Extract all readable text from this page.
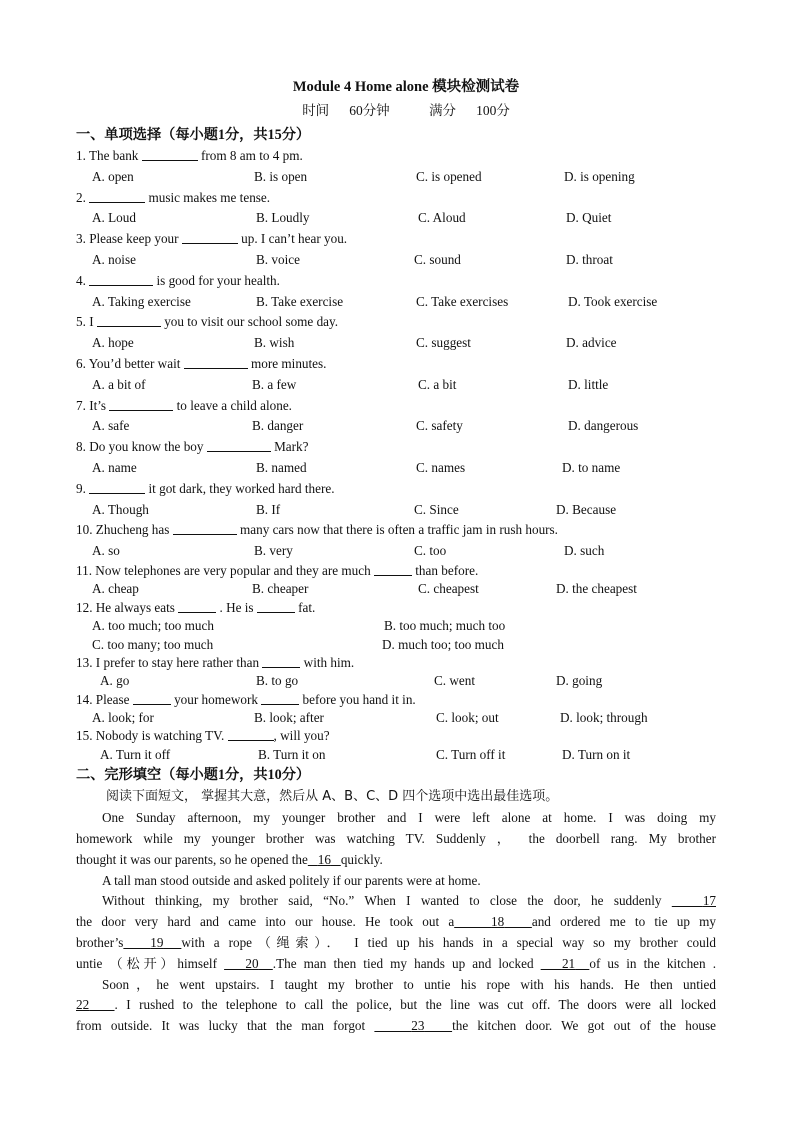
Module 4 Home alone 模块检测试卷
时间 60分钟	满分 100分
一、单项选择（每小题1分，共15分）
1. The bank	from 8 am to 4 pm.
A. open	B. is open	C. is opened	D. is opening
2.	music makes me tense.
A. Loud	B. Loudly	C. Aloud	D. Quiet
3. Please keep your	up. I can’t hear you.
A. noise	B. voice	C. sound	D. throat
4.	is good for your health.
A. Taking exercise	B. Take exercise	C. Take exercises	D. Took exercise
5. I	you to visit our school some day.
A. hope	B. wish	C. suggest	D. advice
6. You’d better wait	more minutes.
A. a bit of	B. a few	C. a bit	D. little
7. It’s	to leave a child alone.
A. safe	B. danger	C. safety	D. dangerous
8. Do you know the boy	Mark?
A. name	B. named	C. names	D. to name
9.	it got dark, they worked hard there.
A. Though	B. If	C. Since	D. Because
10. Zhucheng has	many cars now that there is often a traffic jam in rush hours.
A. so	B. very	C. too	D. such
11. Now telephones are very popular and they are much	than before.
A. cheap	B. cheaper	C. cheapest	D. the cheapest
12. He always eats	. He is	fat.
A. too much; too much	B. too much; much too
C. too many; too much	D. much too; too much
13. I prefer to stay here rather than	with him.
A. go	B. to go	C. went	D. going
14. Please	your homework	before you hand it in.
A. look; for	B. look; after	C. look; out	D. look; through
15. Nobody is watching TV.	, will you?
A. Turn it off	B. Turn it on	C. Turn off it	D. Turn on it
二、完形填空（每小题1分，共10分）
阅读下面短文， 掌握其大意，然后从 A、B、C、D 四个选项中选出最佳选项。
One Sunday afternoon, my younger brother and I were left alone at home. I was doing my
homework while my younger brother was watching TV. Suddenly ， the doorbell rang. My brother
thought it was our parents, so he opened the 16 quickly.
A tall man stood outside and asked politely if our parents were at home.
Without thinking, my brother said, “No.” When I wanted to close the door, he suddenly	17
the door very hard and came into our house. He took out a	18 and ordered me to tie up my
brother’s 19 with a rope（绳索）． I tied up his hands in a special way so my brother could
untie （松开）himself 20 .The man then tied my hands up and locked 21 of us in the kitchen .
Soon，he went upstairs. I taught my brother to untie his rope with his hands. He then untied
22 . I rushed to the telephone to call the police, but the line was cut off. The doors were all locked
from outside. It was lucky that the man forgot	23 the kitchen door. We got out of the house
